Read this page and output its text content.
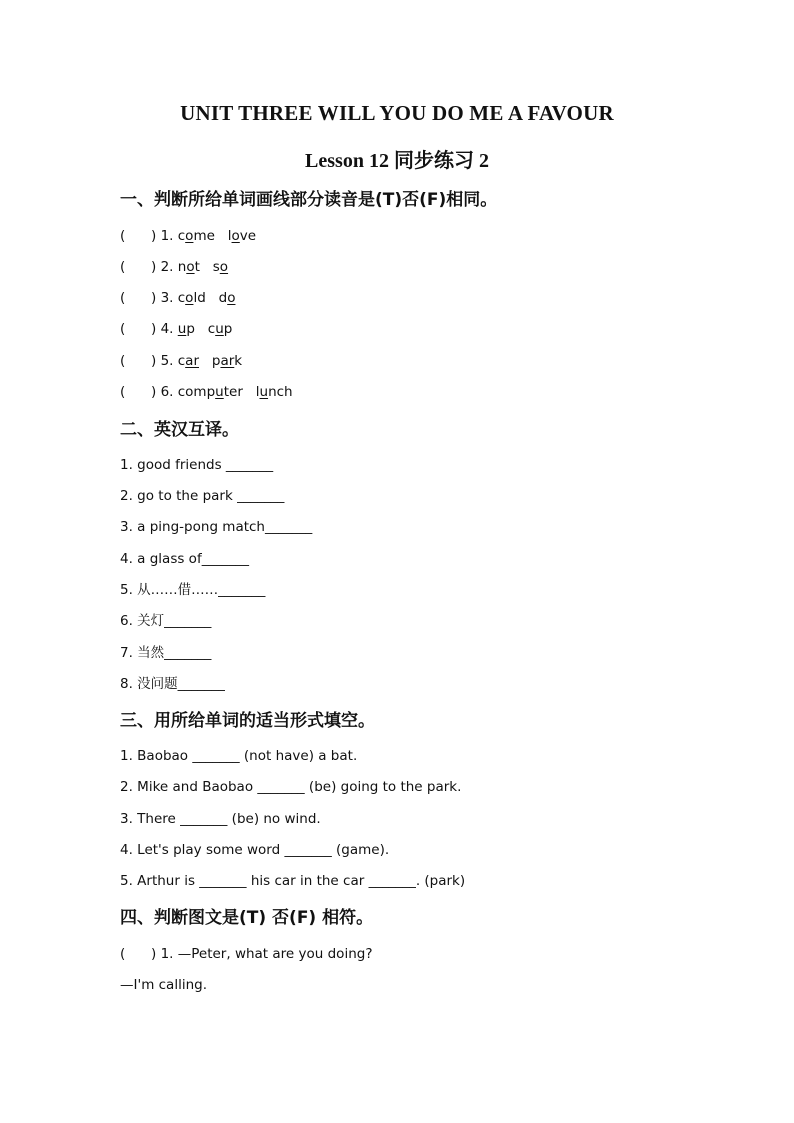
UNIT THREE WILL YOU DO ME A FAVOUR
Lesson 12 同步练习 2
一、判断所给单词画线部分读音是(T)否(F)相同。
(      ) 1. come   love
(      ) 2. not   so
(      ) 3. cold   do
(      ) 4. up   cup
(      ) 5. car   park
(      ) 6. computer   lunch
二、英汉互译。
1. good friends _______
2. go to the park _______
3. a ping-pong match_______
4. a glass of_______
5. 从……借……_______
6. 关灯_______
7. 当然_______
8. 没问题_______
三、用所给单词的适当形式填空。
1. Baobao _______ (not have) a bat.
2. Mike and Baobao _______ (be) going to the park.
3. There _______ (be) no wind.
4. Let's play some word _______ (game).
5. Arthur is _______ his car in the car _______. (park)
四、判断图文是(T) 否(F) 相符。
(      ) 1. —Peter, what are you doing?
—I'm calling.
